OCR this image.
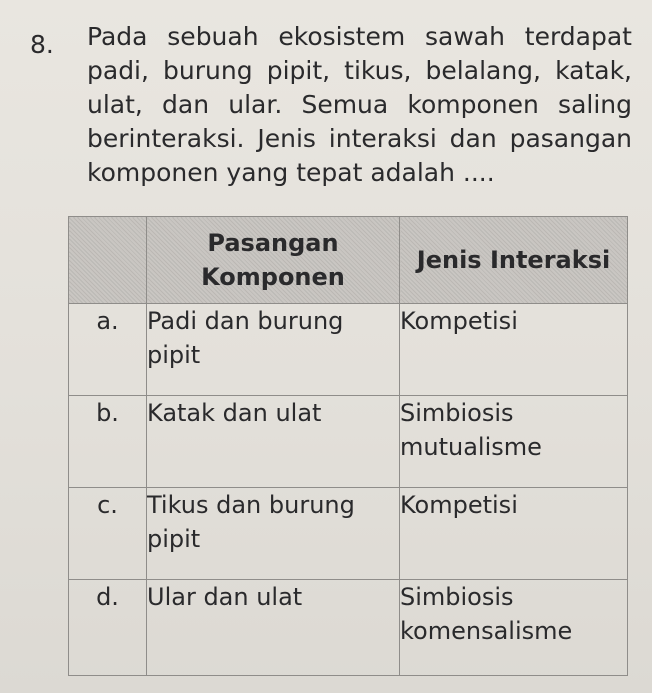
8. Pada sebuah ekosistem sawah terdapat padi, burung pipit, tikus, belalang, katak, ulat, dan ular. Semua komponen saling berinteraksi. Jenis interaksi dan pasangan komponen yang tepat adalah ....
	Pasangan Komponen	Jenis Interaksi
a.	Padi dan burung pipit	Kompetisi
b.	Katak dan ulat	Simbiosis mutualisme
c.	Tikus dan burung pipit	Kompetisi
d.	Ular dan ulat	Simbiosis komensalisme
